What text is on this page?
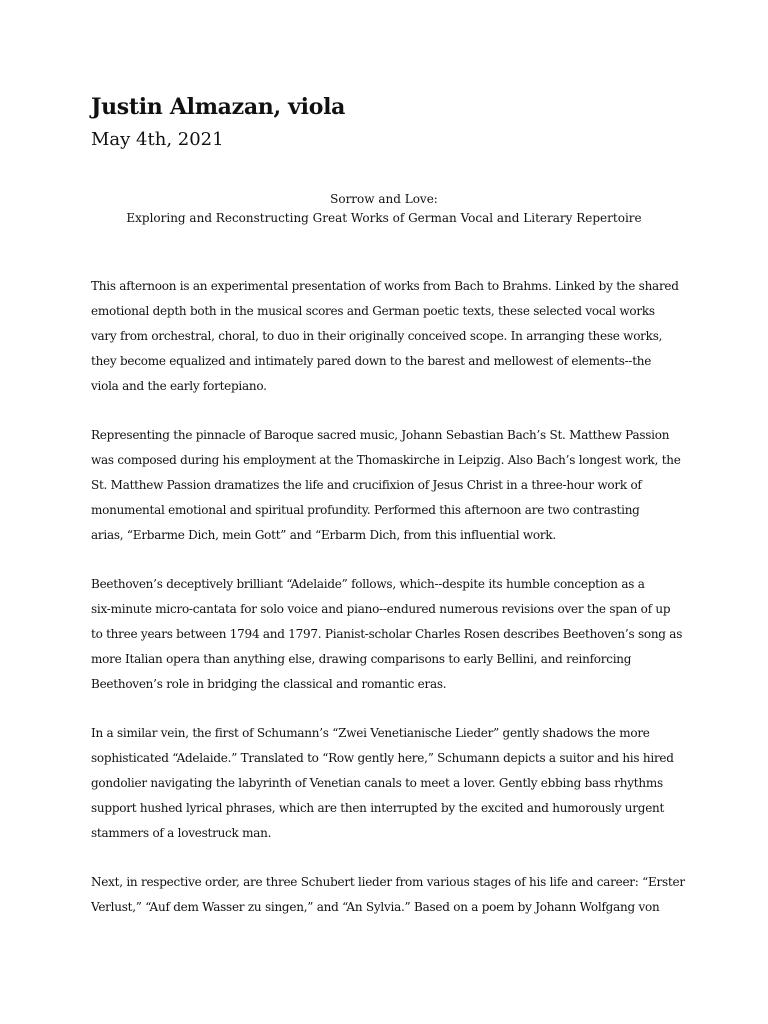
Justin Almazan, viola
May 4th, 2021
Sorrow and Love:
Exploring and Reconstructing Great Works of German Vocal and Literary Repertoire

This afternoon is an experimental presentation of works from Bach to Brahms. Linked by the shared
emotional depth both in the musical scores and German poetic texts, these selected vocal works
vary from orchestral, choral, to duo in their originally conceived scope. In arranging these works,
they become equalized and intimately pared down to the barest and mellowest of elements--the
viola and the early fortepiano.

Representing the pinnacle of Baroque sacred music, Johann Sebastian Bach’s St. Matthew Passion
was composed during his employment at the Thomaskirche in Leipzig. Also Bach’s longest work, the
St. Matthew Passion dramatizes the life and crucifixion of Jesus Christ in a three-hour work of
monumental emotional and spiritual profundity. Performed this afternoon are two contrasting
arias, “Erbarme Dich, mein Gott” and “Erbarm Dich, from this influential work.

Beethoven’s deceptively brilliant “Adelaide” follows, which--despite its humble conception as a
six-minute micro-cantata for solo voice and piano--endured numerous revisions over the span of up
to three years between 1794 and 1797. Pianist-scholar Charles Rosen describes Beethoven’s song as
more Italian opera than anything else, drawing comparisons to early Bellini, and reinforcing
Beethoven’s role in bridging the classical and romantic eras.

In a similar vein, the first of Schumann’s “Zwei Venetianische Lieder” gently shadows the more
sophisticated “Adelaide.” Translated to “Row gently here,” Schumann depicts a suitor and his hired
gondolier navigating the labyrinth of Venetian canals to meet a lover. Gently ebbing bass rhythms
support hushed lyrical phrases, which are then interrupted by the excited and humorously urgent
stammers of a lovestruck man.

Next, in respective order, are three Schubert lieder from various stages of his life and career: “Erster
Verlust,” “Auf dem Wasser zu singen,” and “An Sylvia.” Based on a poem by Johann Wolfgang von
